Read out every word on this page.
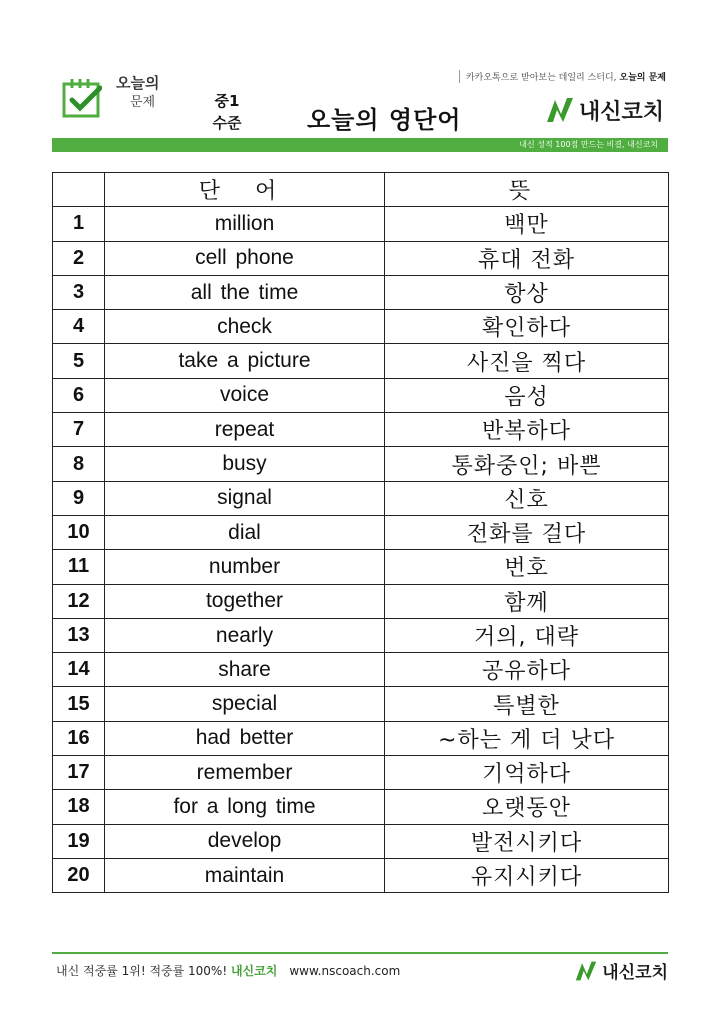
오늘의
문제	중1
수준	오늘의 영단어
카카오톡으로 받아보는 데일리 스터디, 오늘의 문제
내신코치
내신 성적 100점 만드는 비결, 내신코치
	단 어	뜻
1	million	백만
2	cell phone	휴대 전화
3	all the time	항상
4	check	확인하다
5	take a picture	사진을 찍다
6	voice	음성
7	repeat	반복하다
8	busy	통화중인; 바쁜
9	signal	신호
10	dial	전화를 걸다
11	number	번호
12	together	함께
13	nearly	거의, 대략
14	share	공유하다
15	special	특별한
16	had better	~하는 게 더 낫다
17	remember	기억하다
18	for a long time	오랫동안
19	develop	발전시키다
20	maintain	유지시키다
내신 적중률 1위! 적중률 100%! 내신코치 www.nscoach.com	내신코치
